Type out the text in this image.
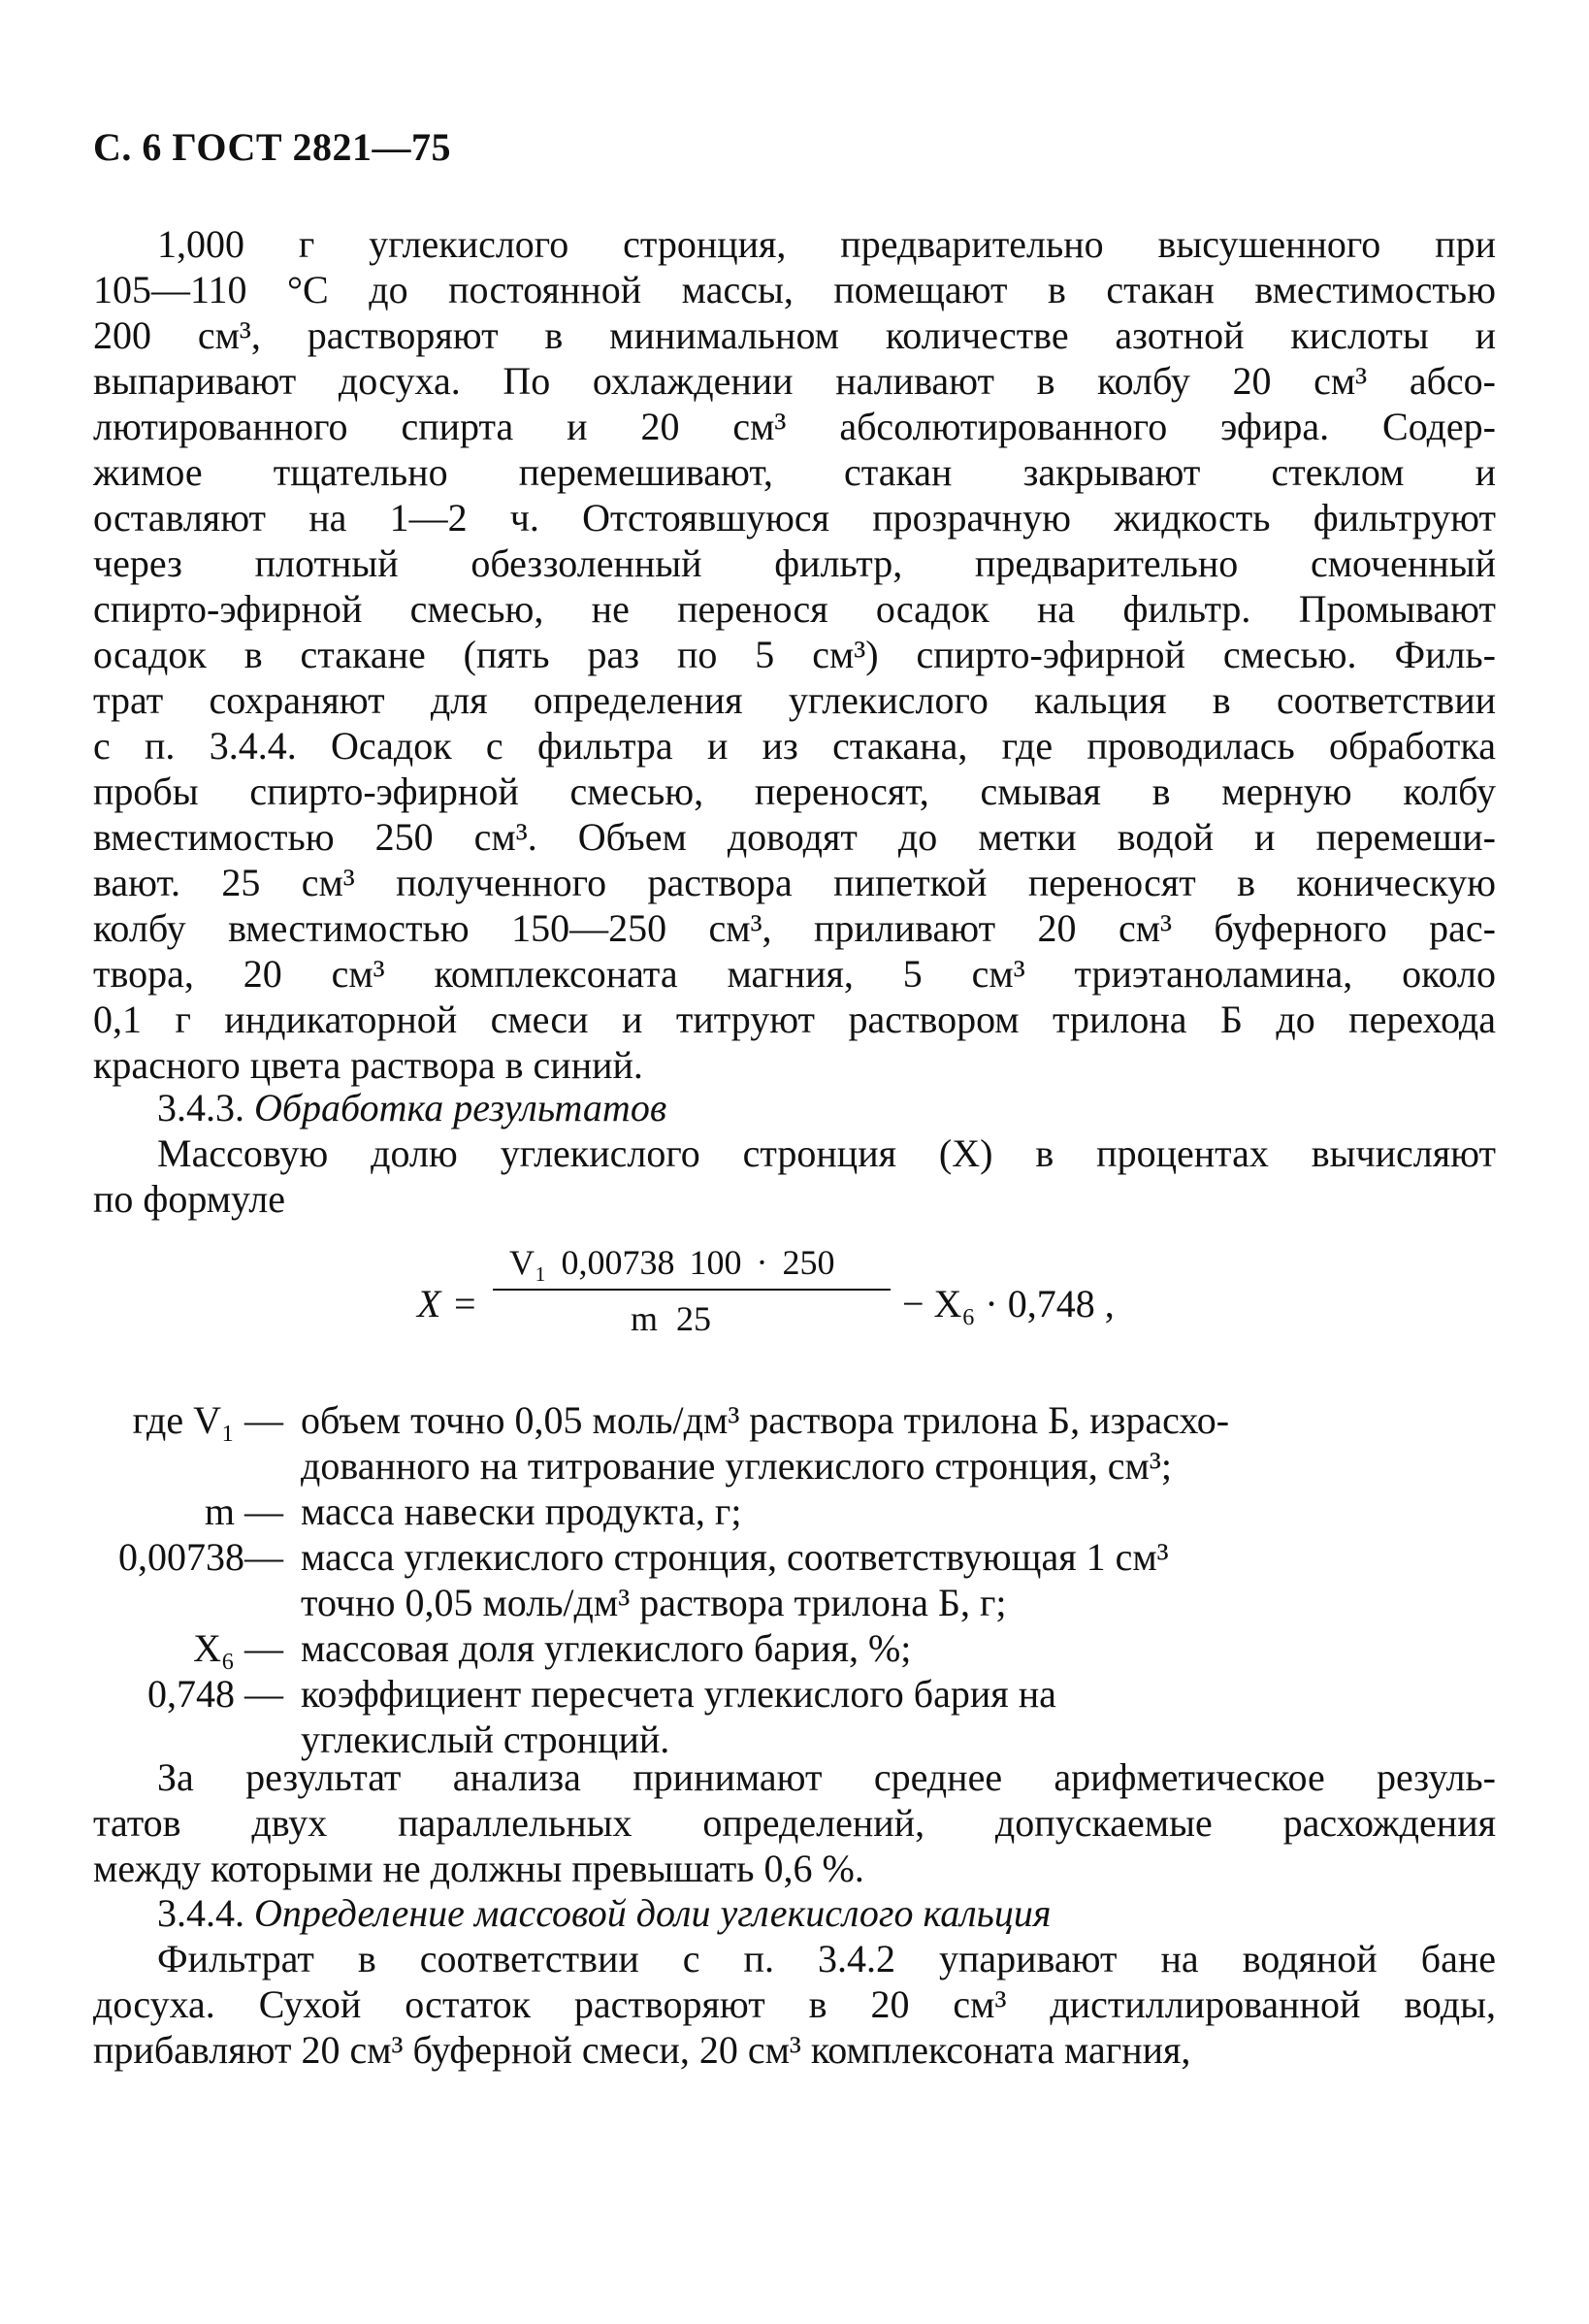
С. 6 ГОСТ 2821—75
1,000 г углекислого стронция, предварительно высушенного при
105—110 °С до постоянной массы, помещают в стакан вместимостью
200 см³, растворяют в минимальном количестве азотной кислоты и
выпаривают досуха. По охлаждении наливают в колбу 20 см³ абсо-
лютированного спирта и 20 см³ абсолютированного эфира. Содер-
жимое тщательно перемешивают, стакан закрывают стеклом и
оставляют на 1—2 ч. Отстоявшуюся прозрачную жидкость фильтруют
через плотный обеззоленный фильтр, предварительно смоченный
спирто-эфирной смесью, не перенося осадок на фильтр. Промывают
осадок в стакане (пять раз по 5 см³) спирто-эфирной смесью. Филь-
трат сохраняют для определения углекислого кальция в соответствии
с п. 3.4.4. Осадок с фильтра и из стакана, где проводилась обработка
пробы спирто-эфирной смесью, переносят, смывая в мерную колбу
вместимостью 250 см³. Объем доводят до метки водой и перемеши-
вают. 25 см³ полученного раствора пипеткой переносят в коническую
колбу вместимостью 150—250 см³, приливают 20 см³ буферного рас-
твора, 20 см³ комплексоната магния, 5 см³ триэтаноламина, около
0,1 г индикаторной смеси и титруют раствором трилона Б до перехода
красного цвета раствора в синий.
3.4.3. Обработка результатов
Массовую долю углекислого стронция (X) в процентах вычисляют
по формуле
X =
V₁ 0,00738 100 · 250
m 25	− X₆ · 0,748 ,
где V₁ — объем точно 0,05 моль/дм³ раствора трилона Б, израсхо-
дованного на титрование углекислого стронция, см³;
m — масса навески продукта, г;
0,00738— масса углекислого стронция, соответствующая 1 см³
точно 0,05 моль/дм³ раствора трилона Б, г;
X₆ — массовая доля углекислого бария, %;
0,748 — коэффициент пересчета углекислого бария на
углекислый стронций.
За результат анализа принимают среднее арифметическое резуль-
татов двух параллельных определений, допускаемые расхождения
между которыми не должны превышать 0,6 %.
3.4.4. Определение массовой доли углекислого кальция
Фильтрат в соответствии с п. 3.4.2 упаривают на водяной бане
досуха. Сухой остаток растворяют в 20 см³ дистиллированной воды,
прибавляют 20 см³ буферной смеси, 20 см³ комплексоната магния,
